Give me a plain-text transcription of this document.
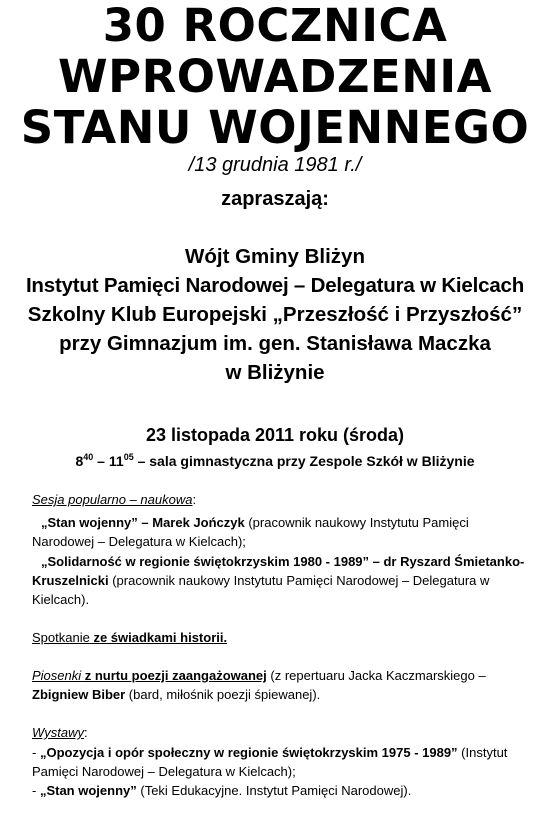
30 ROCZNICA
WPROWADZENIA
STANU WOJENNEGO
/13 grudnia 1981 r./
zapraszają:
Wójt Gminy Bliżyn
Instytut Pamięci Narodowej – Delegatura w Kielcach
Szkolny Klub Europejski „Przeszłość i Przyszłość”
przy Gimnazjum im. gen. Stanisława Maczka
w Bliżynie
23 listopada 2011 roku (środa)
$8^{40} - 11^{05}$ – sala gimnastyczna przy Zespole Szkół w Bliżynie
Sesja popularno – naukowa:
„Stan wojenny” – Marek Jończyk (pracownik naukowy Instytutu Pamięci
Narodowej – Delegatura w Kielcach);
„Solidarność w regionie świętokrzyskim 1980 - 1989” – dr Ryszard Śmietanko-
Kruszelnicki (pracownik naukowy Instytutu Pamięci Narodowej – Delegatura w
Kielcach).
Spotkanie ze świadkami historii.
Piosenki z nurtu poezji zaangażowanej (z repertuaru Jacka Kaczmarskiego –
Zbigniew Biber (bard, miłośnik poezji śpiewanej).
Wystawy:
- „Opozycja i opór społeczny w regionie świętokrzyskim 1975 - 1989” (Instytut
Pamięci Narodowej – Delegatura w Kielcach);
- „Stan wojenny” (Teki Edukacyjne. Instytut Pamięci Narodowej).
